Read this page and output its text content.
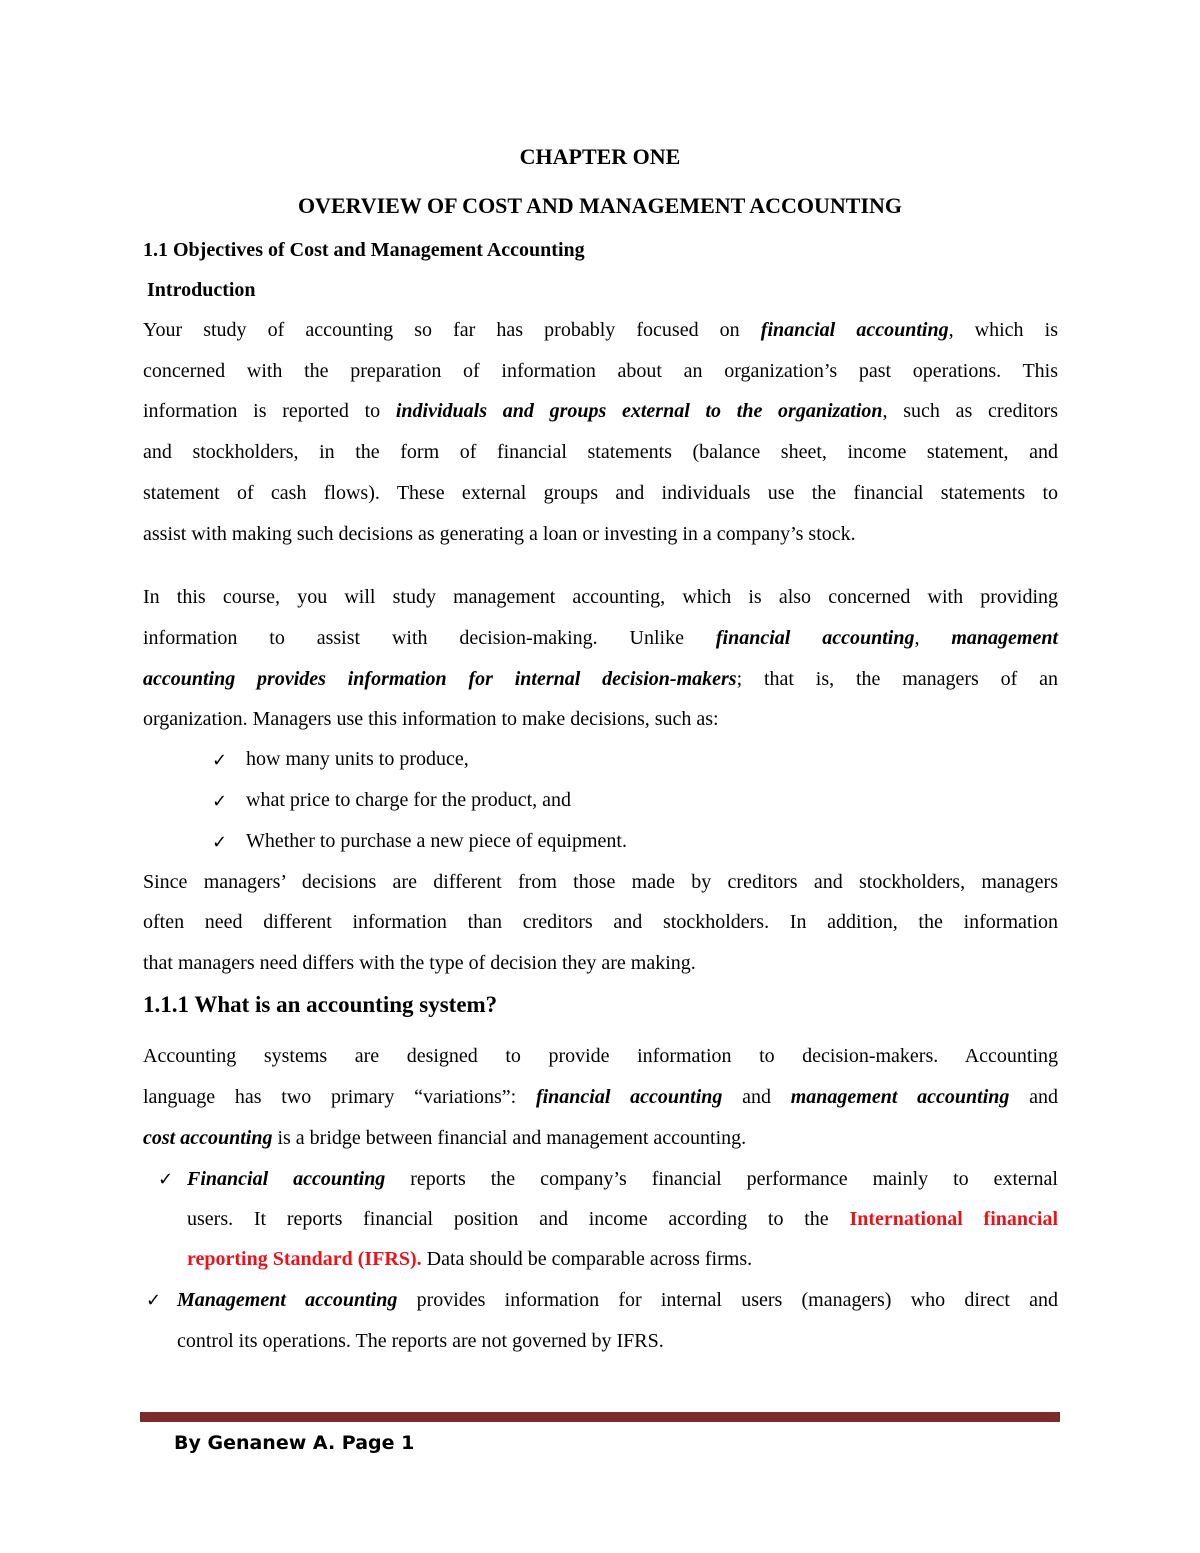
CHAPTER ONE
OVERVIEW OF COST AND MANAGEMENT ACCOUNTING
1.1 Objectives of Cost and Management Accounting
Introduction
Your study of accounting so far has probably focused on financial accounting, which is
concerned with the preparation of information about an organization’s past operations. This
information is reported to individuals and groups external to the organization, such as creditors
and stockholders, in the form of financial statements (balance sheet, income statement, and
statement of cash flows). These external groups and individuals use the financial statements to
assist with making such decisions as generating a loan or investing in a company’s stock.
In this course, you will study management accounting, which is also concerned with providing
information to assist with decision-making. Unlike financial accounting, management
accounting provides information for internal decision-makers; that is, the managers of an
organization. Managers use this information to make decisions, such as:
✓ how many units to produce,
✓ what price to charge for the product, and
✓ Whether to purchase a new piece of equipment.
Since managers’ decisions are different from those made by creditors and stockholders, managers
often need different information than creditors and stockholders. In addition, the information
that managers need differs with the type of decision they are making.
1.1.1 What is an accounting system?
Accounting systems are designed to provide information to decision-makers. Accounting
language has two primary “variations”: financial accounting and management accounting and
cost accounting is a bridge between financial and management accounting.
✓ Financial accounting reports the company’s financial performance mainly to external
users. It reports financial position and income according to the International financial
reporting Standard (IFRS). Data should be comparable across firms.
✓ Management accounting provides information for internal users (managers) who direct and
control its operations. The reports are not governed by IFRS.
By Genanew A. Page 1
